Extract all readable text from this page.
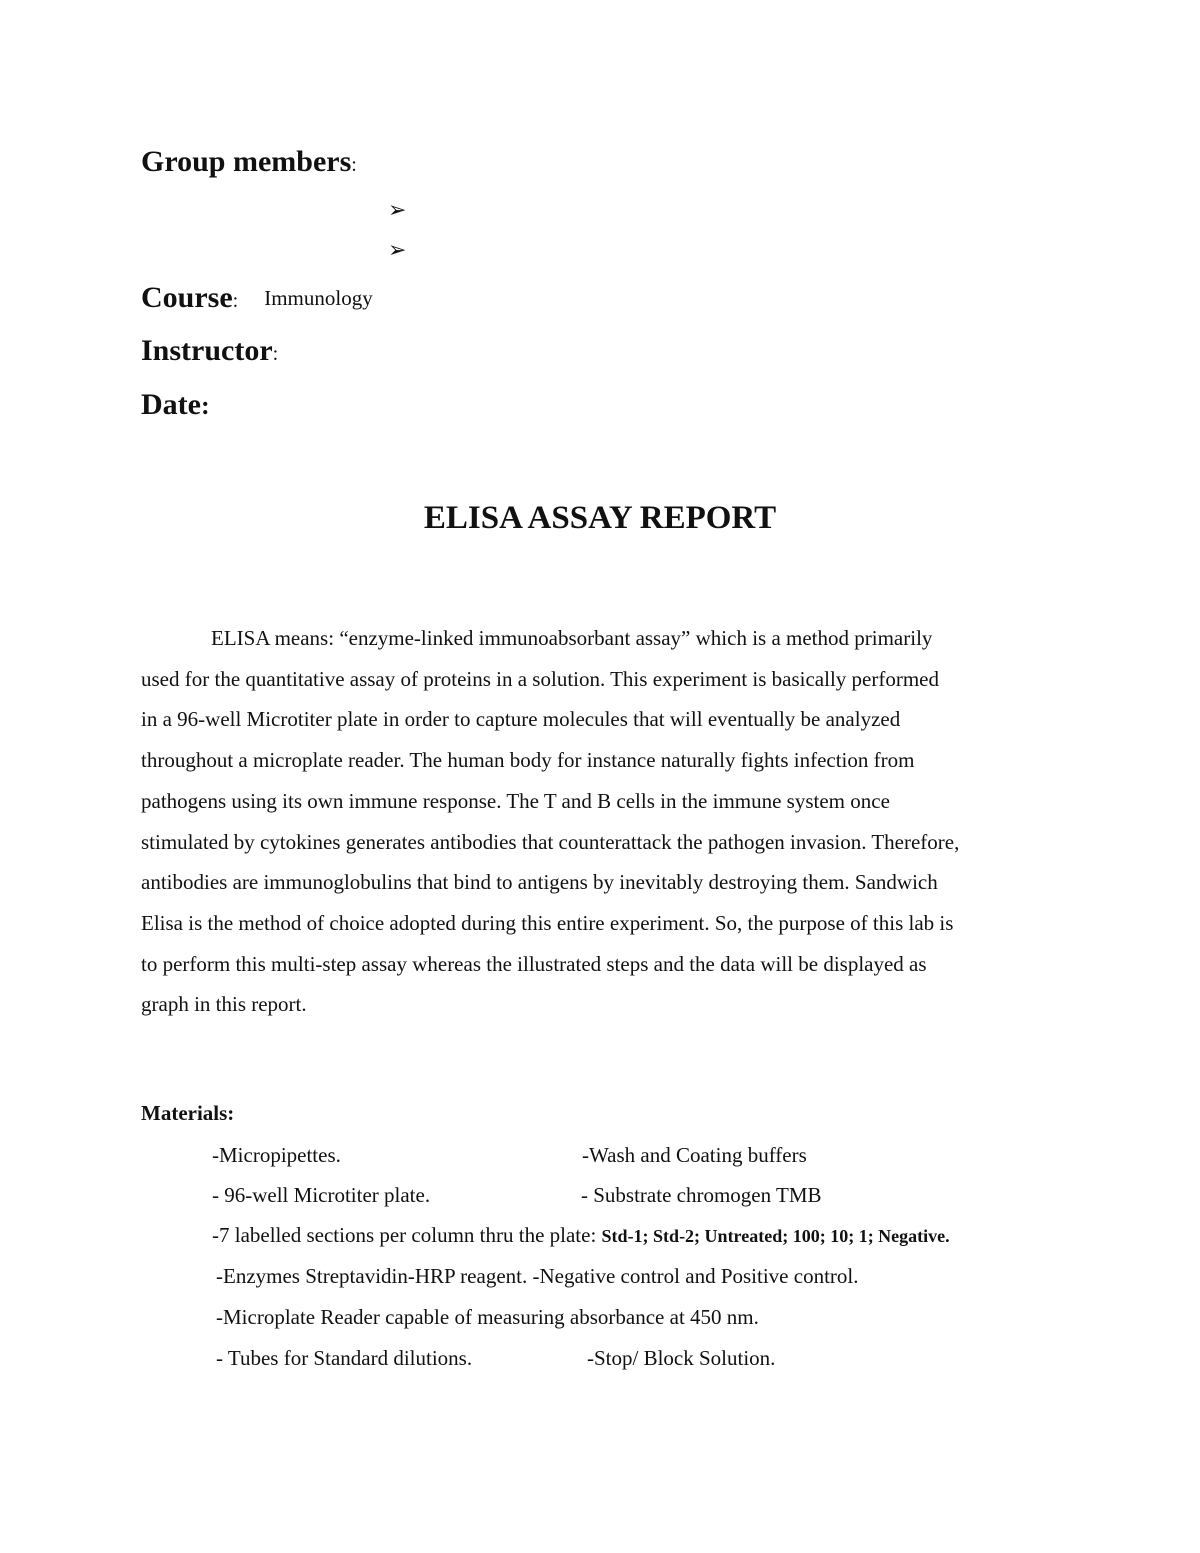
Group members:
➢
➢
Course: Immunology
Instructor:
Date:
ELISA ASSAY REPORT
ELISA means: “enzyme-linked immunoabsorbant assay” which is a method primarily
used for the quantitative assay of proteins in a solution. This experiment is basically performed
in a 96-well Microtiter plate in order to capture molecules that will eventually be analyzed
throughout a microplate reader. The human body for instance naturally fights infection from
pathogens using its own immune response. The T and B cells in the immune system once
stimulated by cytokines generates antibodies that counterattack the pathogen invasion. Therefore,
antibodies are immunoglobulins that bind to antigens by inevitably destroying them. Sandwich
Elisa is the method of choice adopted during this entire experiment. So, the purpose of this lab is
to perform this multi-step assay whereas the illustrated steps and the data will be displayed as
graph in this report.
Materials:
-Micropipettes.	-Wash and Coating buffers
- 96-well Microtiter plate.	- Substrate chromogen TMB
-7 labelled sections per column thru the plate: Std-1; Std-2; Untreated; 100; 10; 1; Negative.
-Enzymes Streptavidin-HRP reagent. -Negative control and Positive control.
-Microplate Reader capable of measuring absorbance at 450 nm.
- Tubes for Standard dilutions.	-Stop/ Block Solution.
